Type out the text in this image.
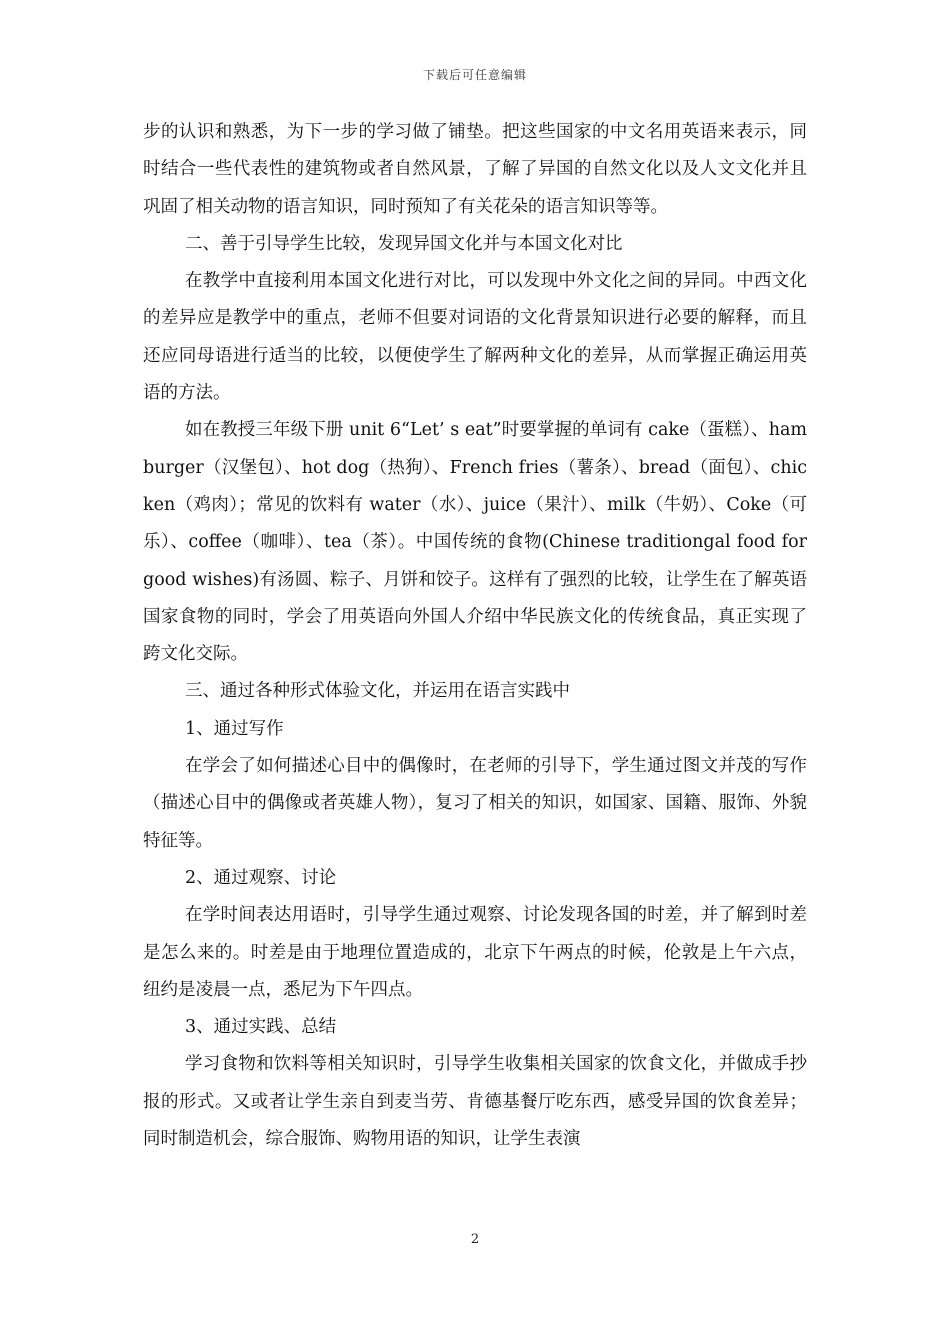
下载后可任意编辑

步的认识和熟悉，为下一步的学习做了铺垫。把这些国家的中文名用英语来表示，同时结合一些代表性的建筑物或者自然风景，了解了异国的自然文化以及人文文化并且巩固了相关动物的语言知识，同时预知了有关花朵的语言知识等等。

二、善于引导学生比较，发现异国文化并与本国文化对比

在教学中直接利用本国文化进行对比，可以发现中外文化之间的异同。中西文化的差异应是教学中的重点，老师不但要对词语的文化背景知识进行必要的解释，而且还应同母语进行适当的比较，以便使学生了解两种文化的差异，从而掌握正确运用英语的方法。

如在教授三年级下册 unit 6“Let’ s eat”时要掌握的单词有 cake（蛋糕）、hamburger（汉堡包）、hot dog（热狗）、French fries（薯条）、bread（面包）、chicken（鸡肉）；常见的饮料有 water（水）、juice（果汁）、milk（牛奶）、Coke（可乐）、coffee（咖啡）、tea（茶）。中国传统的食物(Chinese traditiongal food for good wishes)有汤圆、粽子、月饼和饺子。这样有了强烈的比较，让学生在了解英语国家食物的同时，学会了用英语向外国人介绍中华民族文化的传统食品，真正实现了跨文化交际。

三、通过各种形式体验文化，并运用在语言实践中

1、通过写作

在学会了如何描述心目中的偶像时，在老师的引导下，学生通过图文并茂的写作（描述心目中的偶像或者英雄人物），复习了相关的知识，如国家、国籍、服饰、外貌特征等。

2、通过观察、讨论

在学时间表达用语时，引导学生通过观察、讨论发现各国的时差，并了解到时差是怎么来的。时差是由于地理位置造成的，北京下午两点的时候，伦敦是上午六点，纽约是凌晨一点，悉尼为下午四点。

3、通过实践、总结

学习食物和饮料等相关知识时，引导学生收集相关国家的饮食文化，并做成手抄报的形式。又或者让学生亲自到麦当劳、肯德基餐厅吃东西，感受异国的饮食差异；同时制造机会，综合服饰、购物用语的知识，让学生表演

2
